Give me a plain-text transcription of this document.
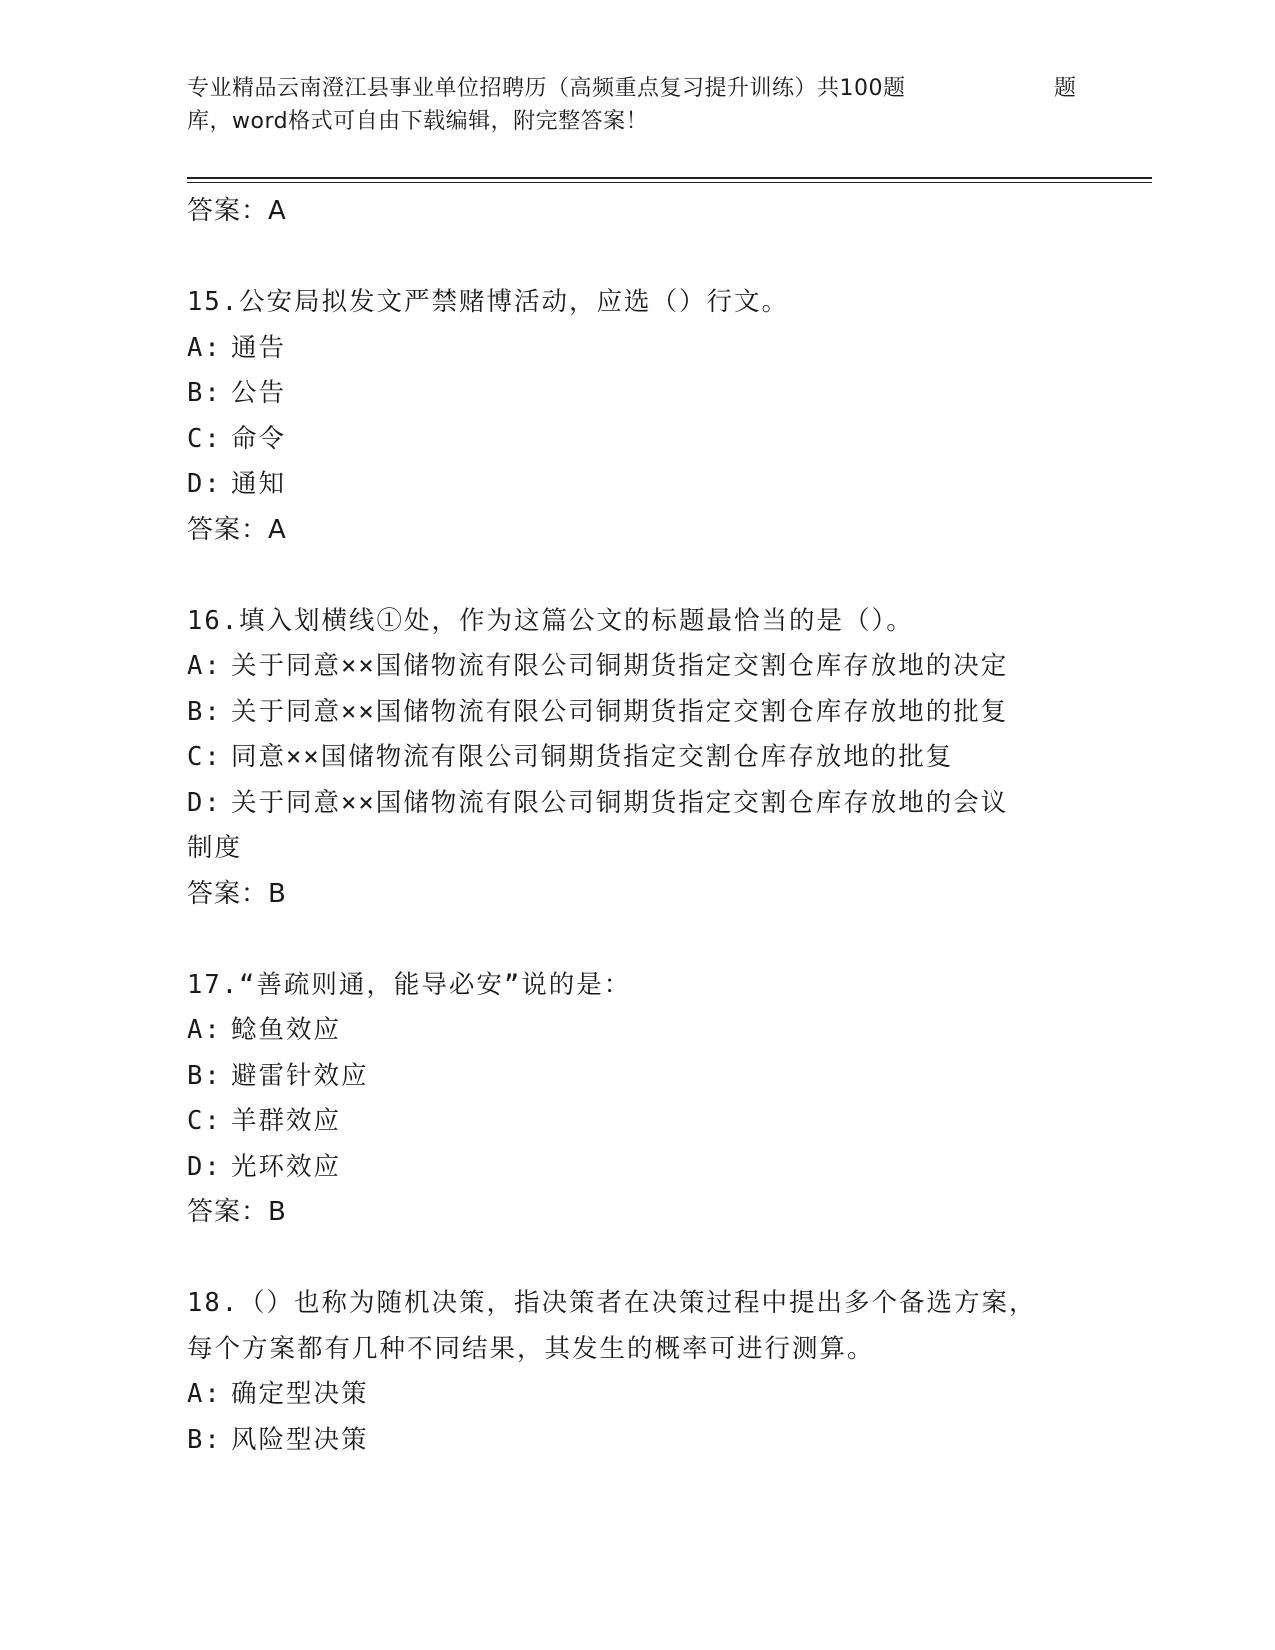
专业精品云南澄江县事业单位招聘历（高频重点复习提升训练）共100题	题
库，word格式可自由下载编辑，附完整答案！
答案：A
15.公安局拟发文严禁赌博活动，应选（）行文。
A: 通告
B: 公告
C: 命令
D: 通知
答案：A
16.填入划横线①处，作为这篇公文的标题最恰当的是（）。
A: 关于同意××国储物流有限公司铜期货指定交割仓库存放地的决定
B: 关于同意××国储物流有限公司铜期货指定交割仓库存放地的批复
C: 同意××国储物流有限公司铜期货指定交割仓库存放地的批复
D: 关于同意××国储物流有限公司铜期货指定交割仓库存放地的会议
制度
答案：B
17.“善疏则通，能导必安”说的是：
A: 鲶鱼效应
B: 避雷针效应
C: 羊群效应
D: 光环效应
答案：B
18.（）也称为随机决策，指决策者在决策过程中提出多个备选方案，
每个方案都有几种不同结果，其发生的概率可进行测算。
A: 确定型决策
B: 风险型决策
